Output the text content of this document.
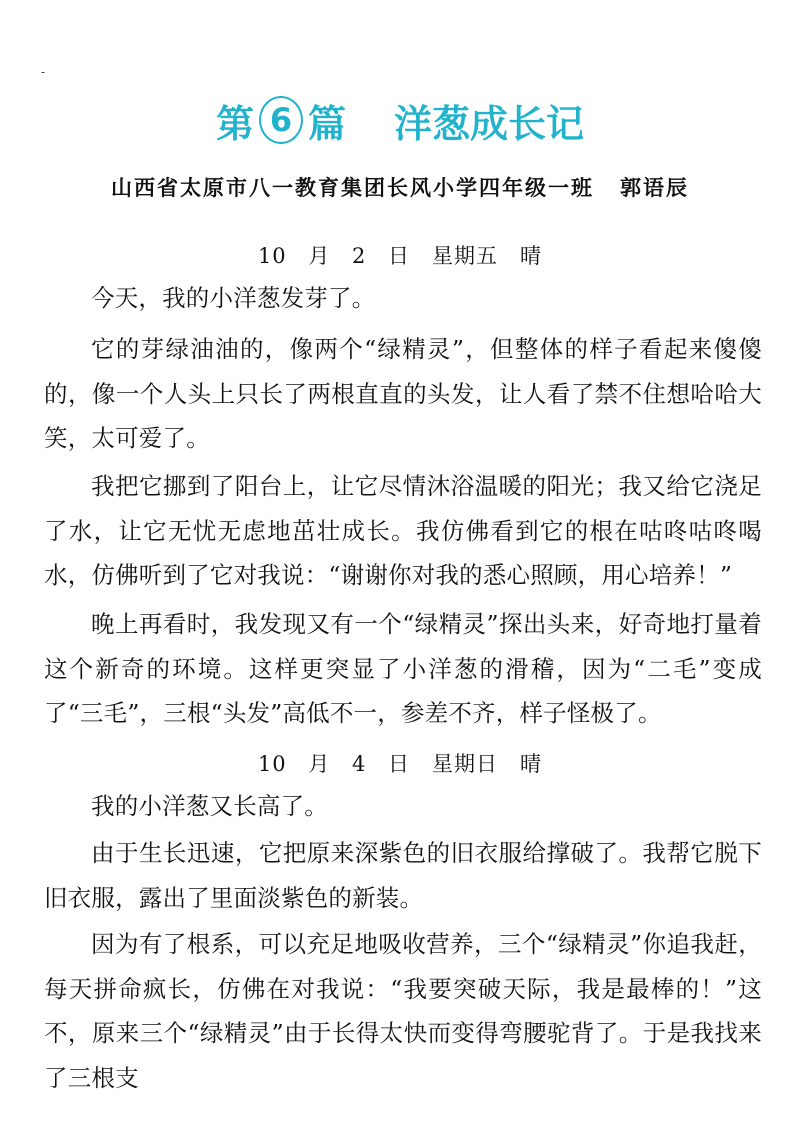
-
第 6 篇 洋葱成长记
山西省太原市八一教育集团长风小学四年级一班 郭语辰
10 月 2 日　星期五　晴

今天，我的小洋葱发芽了。

它的芽绿油油的，像两个“绿精灵”，但整体的样子看起来傻傻的，像一个人头上只长了两根直直的头发，让人看了禁不住想哈哈大笑，太可爱了。

我把它挪到了阳台上，让它尽情沐浴温暖的阳光；我又给它浇足了水，让它无忧无虑地茁壮成长。我仿佛看到它的根在咕咚咕咚喝水，仿佛听到了它对我说：“谢谢你对我的悉心照顾，用心培养！”

晚上再看时，我发现又有一个“绿精灵”探出头来，好奇地打量着这个新奇的环境。这样更突显了小洋葱的滑稽，因为“二毛”变成了“三毛”，三根“头发”高低不一，参差不齐，样子怪极了。

10 月 4 日　星期日　晴

我的小洋葱又长高了。

由于生长迅速，它把原来深紫色的旧衣服给撑破了。我帮它脱下旧衣服，露出了里面淡紫色的新装。

因为有了根系，可以充足地吸收营养，三个“绿精灵”你追我赶，每天拼命疯长，仿佛在对我说：“我要突破天际，我是最棒的！”这不，原来三个“绿精灵”由于长得太快而变得弯腰驼背了。于是我找来了三根支
